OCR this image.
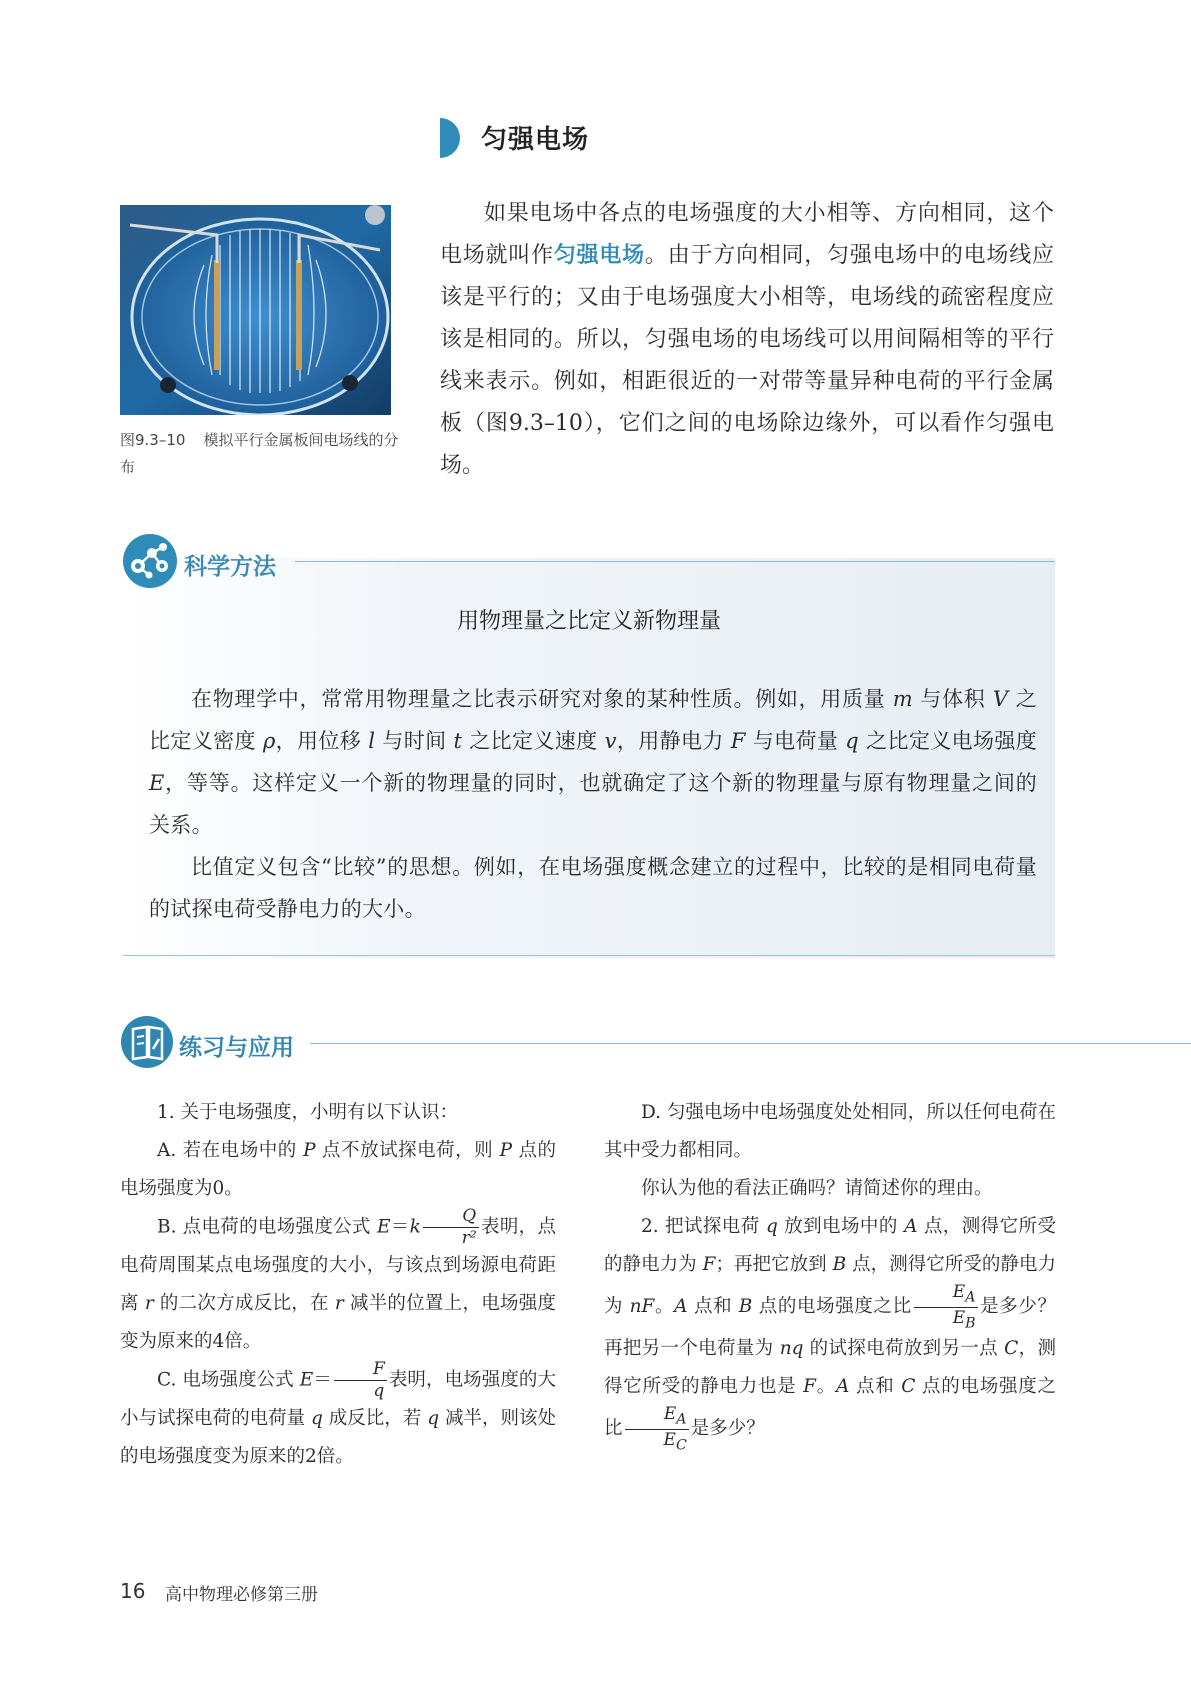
匀强电场
图9.3–10 模拟平行金属板间电场线的分布

如果电场中各点的电场强度的大小相等、方向相同，这个电场就叫作匀强电场。由于方向相同，匀强电场中的电场线应该是平行的；又由于电场强度大小相等，电场线的疏密程度应该是相同的。所以，匀强电场的电场线可以用间隔相等的平行线来表示。例如，相距很近的一对带等量异种电荷的平行金属板（图9.3–10），它们之间的电场除边缘外，可以看作匀强电场。

科学方法
用物理量之比定义新物理量

在物理学中，常常用物理量之比表示研究对象的某种性质。例如，用质量 m 与体积 V 之比定义密度 ρ，用位移 l 与时间 t 之比定义速度 v，用静电力 F 与电荷量 q 之比定义电场强度 E，等等。这样定义一个新的物理量的同时，也就确定了这个新的物理量与原有物理量之间的关系。

比值定义包含“比较”的思想。例如，在电场强度概念建立的过程中，比较的是相同电荷量的试探电荷受静电力的大小。

练习与应用

1. 关于电场强度，小明有以下认识：

A. 若在电场中的 P 点不放试探电荷，则 P 点的电场强度为0。

B. 点电荷的电场强度公式 $E=k \frac{Q}{\text{r²}}$ 表明，点电荷周围某点电场强度的大小，与该点到场源电荷距离 r 的二次方成反比，在 r 减半的位置上，电场强度变为原来的4倍。

C. 电场强度公式 $E= \frac{F}{q}$ 表明，电场强度的大小与试探电荷的电荷量 q 成反比，若 q 减半，则该处的电场强度变为原来的2倍。

D. 匀强电场中电场强度处处相同，所以任何电荷在其中受力都相同。

你认为他的看法正确吗？请简述你的理由。

2. 把试探电荷 q 放到电场中的 A 点，测得它所受的静电力为 F；再把它放到 B 点，测得它所受的静电力为 nF。A 点和 B 点的电场强度之比 $\frac{E_A}{E_B}$ 是多少？再把另一个电荷量为 nq 的试探电荷放到另一点 C，测得它所受的静电力也是 F。A 点和 C 点的电场强度之比 $\frac{E_A}{E_C}$ 是多少？

16 高中物理必修第三册
